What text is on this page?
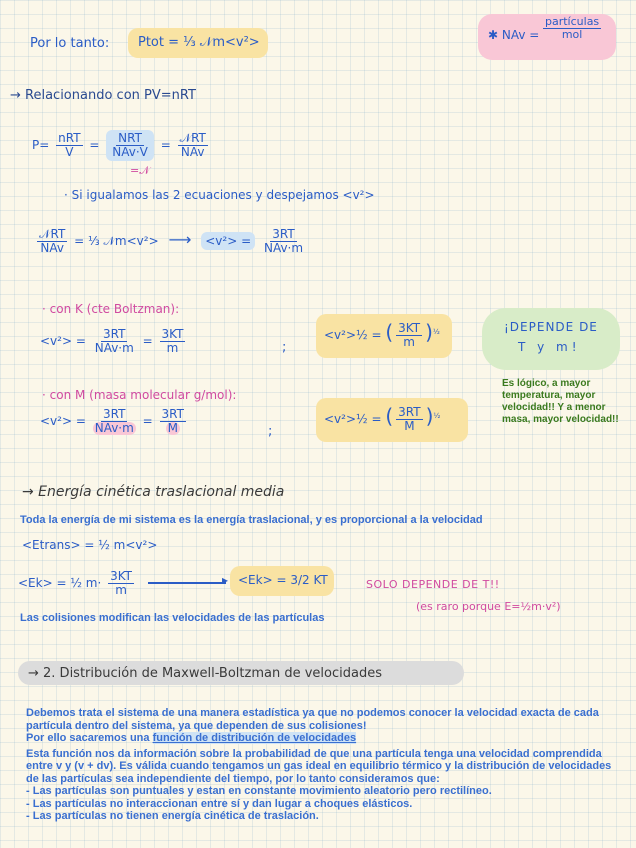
Por lo tanto: Ptot = ⅓ 𝒩m<v²>	✱ NAv =
partículas
mol
→ Relacionando con PV=nRT
$P= \frac{\text{nRT}}{V} = \frac{\text{NRT}}{\text{NAv·V}} = \frac{\text{𝒩RT}}{\text{NAv}}$
=𝒩
· Si igualamos las 2 ecuaciones y despejamos <v²>
$\frac{\text{𝒩RT}}{\text{NAv}}$ = ⅓ 𝒩m<v²> ⟶ $<v^2> = \frac{3RT}{\text{NAv·m}}$
· con K (cte Boltzman):
$<v^2> = \frac{3RT}{\text{NAv·m}} = \frac{3KT}{m}$	;
<v²>½ = ( $\frac{3KT}{m} )^{\frac{1}{2}}$	¡DEPENDE DE
T y m!
Es lógico, a mayor temperatura, mayor velocidad!! Y a menor masa, mayor velocidad!!
· con M (masa molecular g/mol):
$<v^2> = \frac{3RT}{\text{NAv·m}} = \frac{3RT}{M}$	;
<v²>½ = ( $\frac{3RT}{M} )^{\frac{1}{2}}$
→ Energía cinética traslacional media
Toda la energía de mi sistema es la energía traslacional, y es proporcional a la velocidad
<Etrans> = ½ m<v²>
<Ek> = ½ $m\cdot \frac{3KT}{m}$	▸ <Ek> = 3/2 KT	SOLO DEPENDE DE T!!
(es raro porque E=½m·v²)
Las colisiones modifican las velocidades de las partículas
→ 2. Distribución de Maxwell-Boltzman de velocidades
Debemos trata el sistema de una manera estadística ya que no podemos conocer la velocidad exacta de cada partícula dentro del sistema, ya que dependen de sus colisiones!
Por ello sacaremos una función de distribución de velocidades
Esta función nos da información sobre la probabilidad de que una partícula tenga una velocidad comprendida entre v y (v + dv). Es válida cuando tengamos un gas ideal en equilibrio térmico y la distribución de velocidades de las partículas sea independiente del tiempo, por lo tanto consideramos que:
- Las partículas son puntuales y estan en constante movimiento aleatorio pero rectilíneo.
- Las partículas no interaccionan entre sí y dan lugar a choques elásticos.
- Las partículas no tienen energía cinética de traslación.
